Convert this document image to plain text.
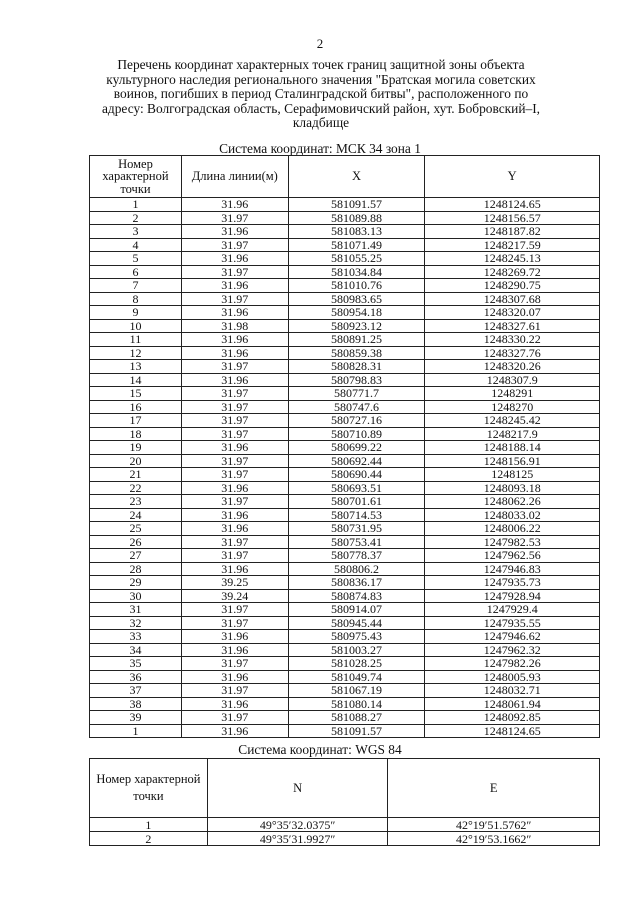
2
Перечень координат характерных точек границ защитной зоны объекта культурного наследия регионального значения "Братская могила советских воинов, погибших в период Сталинградской битвы", расположенного по адресу: Волгоградская область, Серафимовичский район, хут. Бобровский–I, кладбище
Система координат: МСК 34 зона 1
Номер характерной точки	Длина линии(м)	X	Y
1	31.96	581091.57	1248124.65
2	31.97	581089.88	1248156.57
3	31.96	581083.13	1248187.82
4	31.97	581071.49	1248217.59
5	31.96	581055.25	1248245.13
6	31.97	581034.84	1248269.72
7	31.96	581010.76	1248290.75
8	31.97	580983.65	1248307.68
9	31.96	580954.18	1248320.07
10	31.98	580923.12	1248327.61
11	31.96	580891.25	1248330.22
12	31.96	580859.38	1248327.76
13	31.97	580828.31	1248320.26
14	31.96	580798.83	1248307.9
15	31.97	580771.7	1248291
16	31.97	580747.6	1248270
17	31.97	580727.16	1248245.42
18	31.97	580710.89	1248217.9
19	31.96	580699.22	1248188.14
20	31.97	580692.44	1248156.91
21	31.97	580690.44	1248125
22	31.96	580693.51	1248093.18
23	31.97	580701.61	1248062.26
24	31.96	580714.53	1248033.02
25	31.96	580731.95	1248006.22
26	31.97	580753.41	1247982.53
27	31.97	580778.37	1247962.56
28	31.96	580806.2	1247946.83
29	39.25	580836.17	1247935.73
30	39.24	580874.83	1247928.94
31	31.97	580914.07	1247929.4
32	31.97	580945.44	1247935.55
33	31.96	580975.43	1247946.62
34	31.96	581003.27	1247962.32
35	31.97	581028.25	1247982.26
36	31.96	581049.74	1248005.93
37	31.97	581067.19	1248032.71
38	31.96	581080.14	1248061.94
39	31.97	581088.27	1248092.85
1	31.96	581091.57	1248124.65
Система координат: WGS 84
Номер характерной точки	N	E
1	49°35′32.0375″	42°19′51.5762″
2	49°35′31.9927″	42°19′53.1662″
